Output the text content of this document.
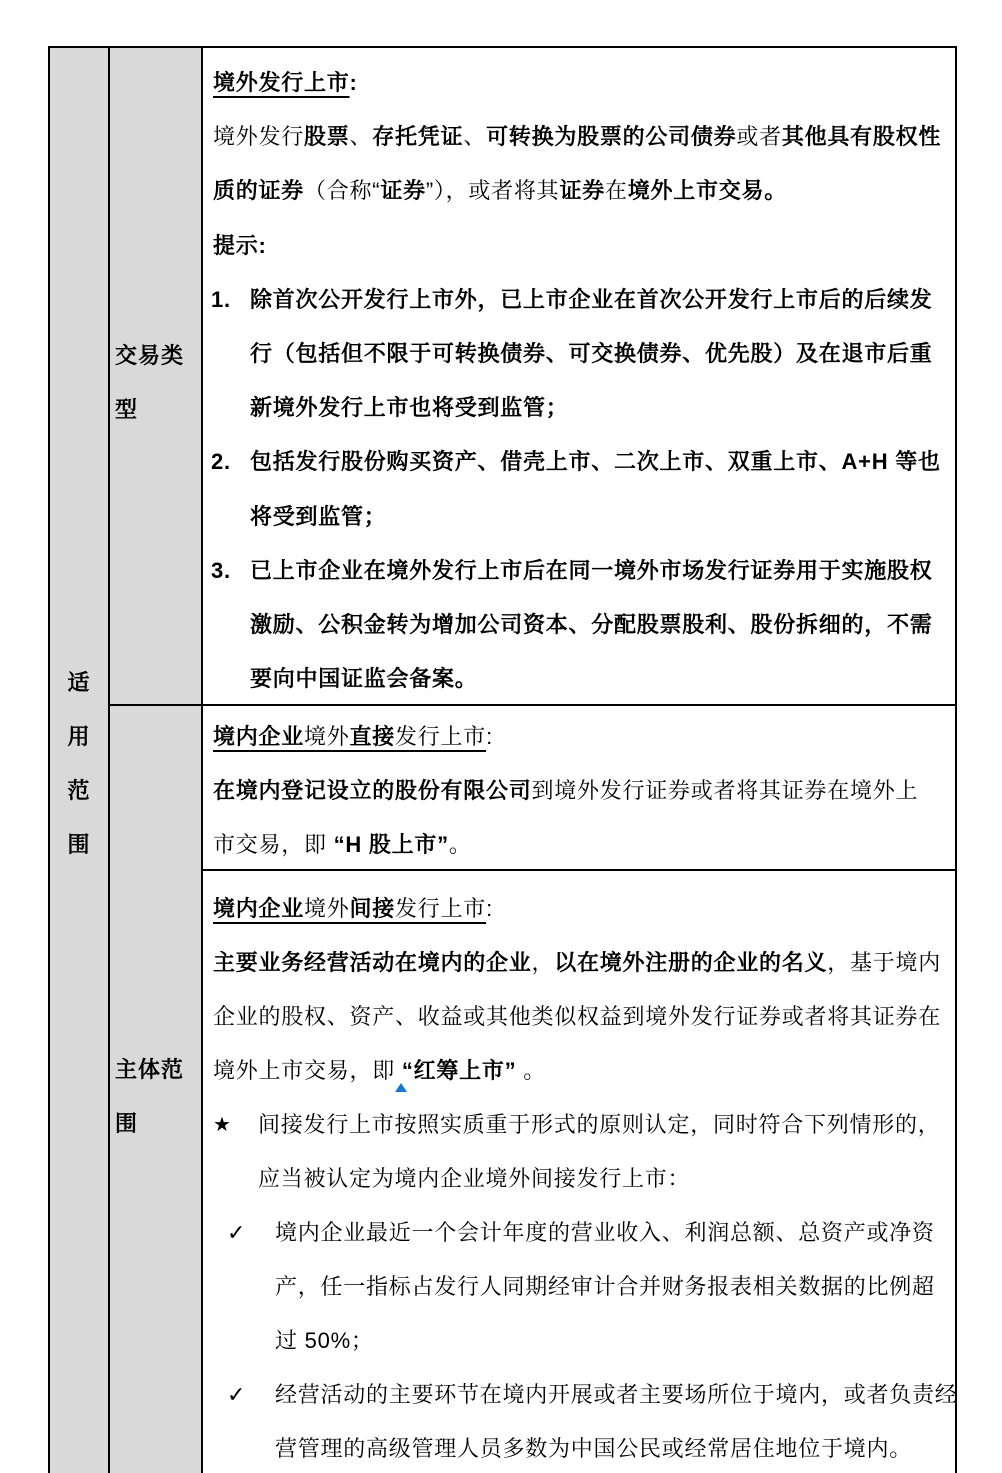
适
用
范
围
交易类
型
主体范
围
境外发行上市:
境外发行股票、存托凭证、可转换为股票的公司债券或者其他具有股权性
质的证券（合称“证券”），或者将其证券在境外上市交易。
提示:
1. 除首次公开发行上市外，已上市企业在首次公开发行上市后的后续发
行（包括但不限于可转换债券、可交换债券、优先股）及在退市后重
新境外发行上市也将受到监管；
2. 包括发行股份购买资产、借壳上市、二次上市、双重上市、A+H 等也
将受到监管；
3. 已上市企业在境外发行上市后在同一境外市场发行证券用于实施股权
激励、公积金转为增加公司资本、分配股票股利、股份拆细的，不需
要向中国证监会备案。
境内企业境外直接发行上市:
在境内登记设立的股份有限公司到境外发行证券或者将其证券在境外上
市交易，即 “H 股上市”。
境内企业境外间接发行上市:
主要业务经营活动在境内的企业，以在境外注册的企业的名义，基于境内
企业的股权、资产、收益或其他类似权益到境外发行证券或者将其证券在
境外上市交易，即 “红筹上市” 。
★ 间接发行上市按照实质重于形式的原则认定，同时符合下列情形的，
应当被认定为境内企业境外间接发行上市：
✓ 境内企业最近一个会计年度的营业收入、利润总额、总资产或净资
产，任一指标占发行人同期经审计合并财务报表相关数据的比例超
过 50%；
✓ 经营活动的主要环节在境内开展或者主要场所位于境内，或者负责经
营管理的高级管理人员多数为中国公民或经常居住地位于境内。
